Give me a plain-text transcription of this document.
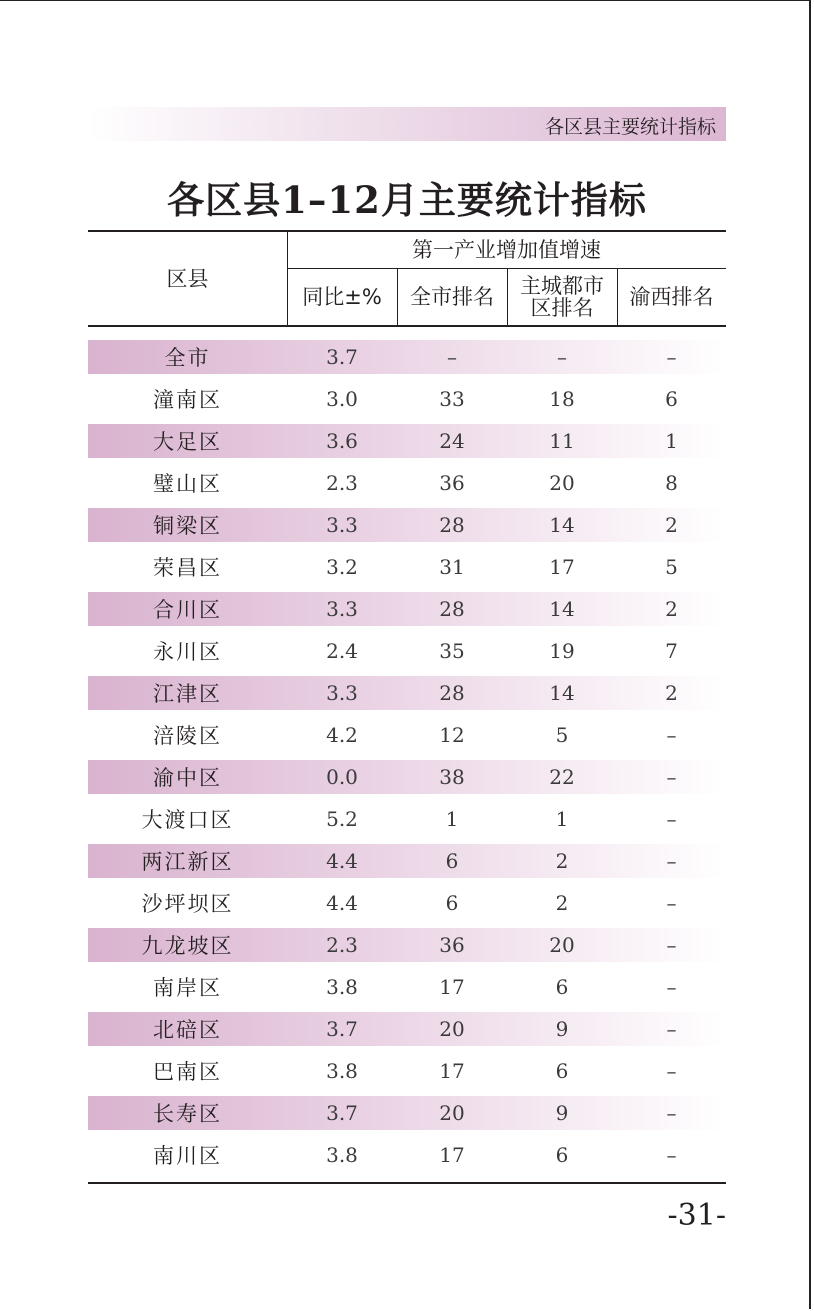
各区县主要统计指标
各区县1–12月主要统计指标
区县
第一产业增加值增速
同比±%	全市排名	主城都市
区排名	渝西排名
全市	3.7	–	–	–
潼南区	3.0	33	18	6
大足区	3.6	24	11	1
璧山区	2.3	36	20	8
铜梁区	3.3	28	14	2
荣昌区	3.2	31	17	5
合川区	3.3	28	14	2
永川区	2.4	35	19	7
江津区	3.3	28	14	2
涪陵区	4.2	12	5	–
渝中区	0.0	38	22	–
大渡口区	5.2	1	1	–
两江新区	4.4	6	2	–
沙坪坝区	4.4	6	2	–
九龙坡区	2.3	36	20	–
南岸区	3.8	17	6	–
北碚区	3.7	20	9	–
巴南区	3.8	17	6	–
长寿区	3.7	20	9	–
南川区	3.8	17	6	–
-31-
